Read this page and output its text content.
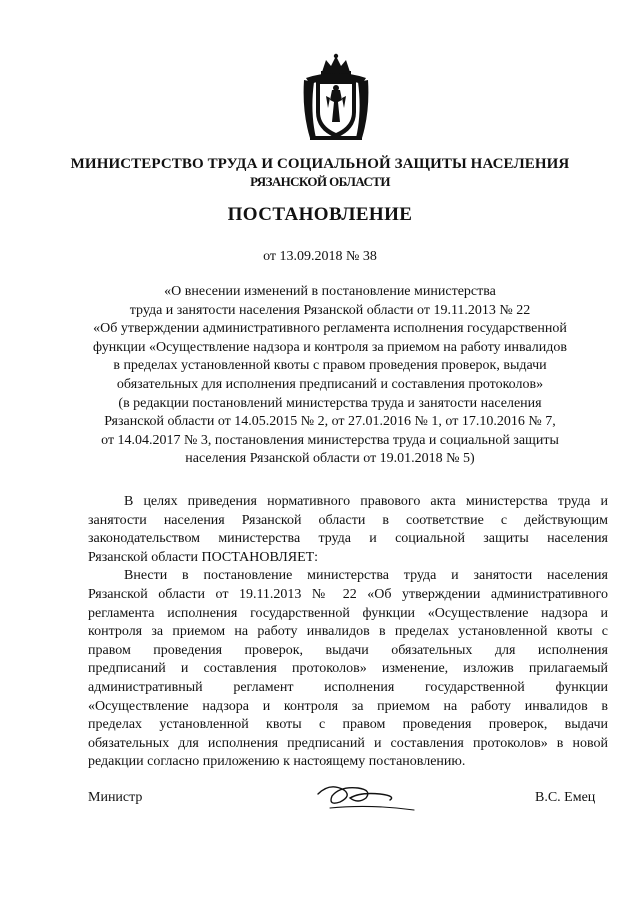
МИНИСТЕРСТВО ТРУДА И СОЦИАЛЬНОЙ ЗАЩИТЫ НАСЕЛЕНИЯ
РЯЗАНСКОЙ ОБЛАСТИ
ПОСТАНОВЛЕНИЕ
от 13.09.2018 № 38
«О внесении изменений в постановление министерства
труда и занятости населения Рязанской области от 19.11.2013 № 22
«Об утверждении административного регламента исполнения государственной
функции «Осуществление надзора и контроля за приемом на работу инвалидов
в пределах установленной квоты с правом проведения проверок, выдачи
обязательных для исполнения предписаний и составления протоколов»
(в редакции постановлений министерства труда и занятости населения
Рязанской области от 14.05.2015 № 2, от 27.01.2016 № 1, от 17.10.2016 № 7,
от 14.04.2017 № 3, постановления министерства труда и социальной защиты
населения Рязанской области от 19.01.2018 № 5)
В целях приведения нормативного правового акта министерства труда и
занятости населения Рязанской области в соответствие с действующим
законодательством министерства труда и социальной защиты населения
Рязанской области ПОСТАНОВЛЯЕТ:
Внести в постановление министерства труда и занятости населения
Рязанской области от 19.11.2013 № 22 «Об утверждении административного
регламента исполнения государственной функции «Осуществление надзора и
контроля за приемом на работу инвалидов в пределах установленной квоты с
правом проведения проверок, выдачи обязательных для исполнения
предписаний и составления протоколов» изменение, изложив прилагаемый
административный регламент исполнения государственной функции
«Осуществление надзора и контроля за приемом на работу инвалидов в
пределах установленной квоты с правом проведения проверок, выдачи
обязательных для исполнения предписаний и составления протоколов» в новой
редакции согласно приложению к настоящему постановлению.
Министр	В.С. Емец
